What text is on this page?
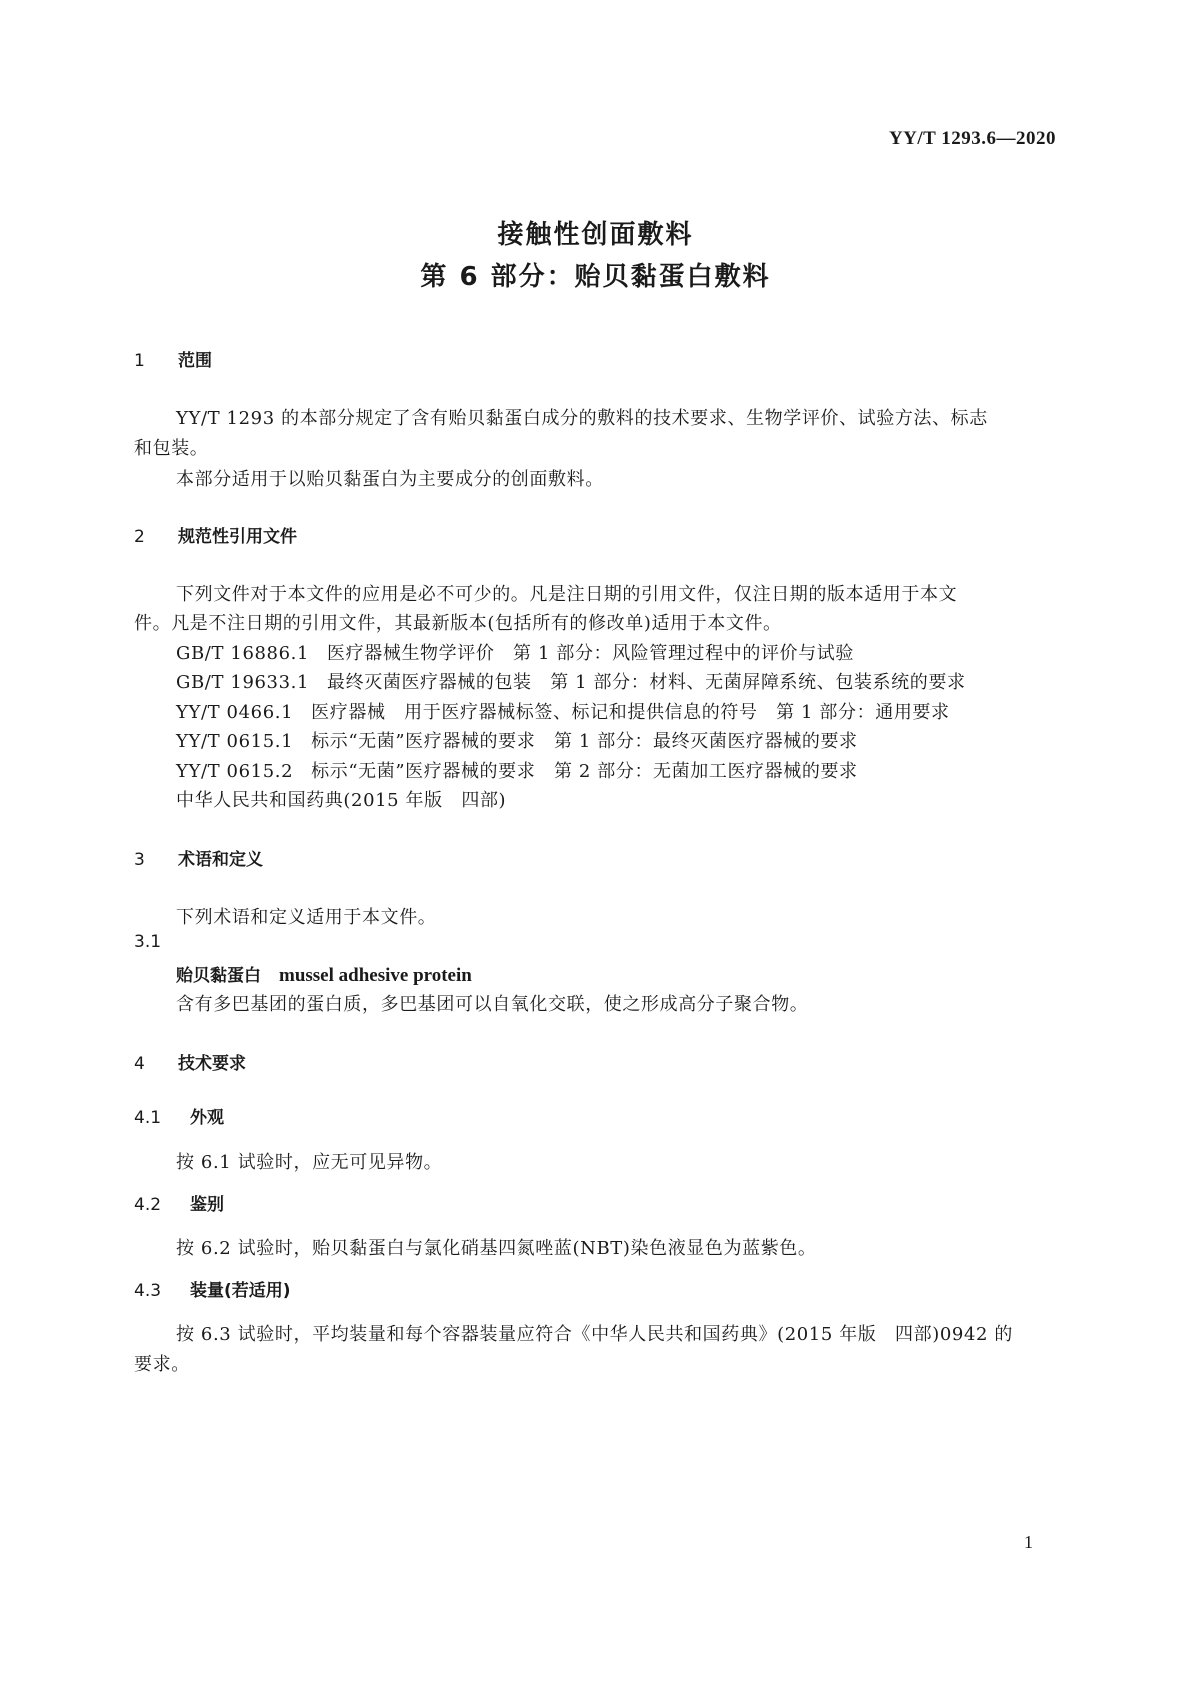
YY/T 1293.6—2020
接触性创面敷料
第 6 部分：贻贝黏蛋白敷料
1 范围
YY/T 1293 的本部分规定了含有贻贝黏蛋白成分的敷料的技术要求、生物学评价、试验方法、标志
和包装。
本部分适用于以贻贝黏蛋白为主要成分的创面敷料。
2 规范性引用文件
下列文件对于本文件的应用是必不可少的。凡是注日期的引用文件，仅注日期的版本适用于本文
件。凡是不注日期的引用文件，其最新版本(包括所有的修改单)适用于本文件。
GB/T 16886.1 医疗器械生物学评价　第 1 部分：风险管理过程中的评价与试验
GB/T 19633.1 最终灭菌医疗器械的包装　第 1 部分：材料、无菌屏障系统、包装系统的要求
YY/T 0466.1 医疗器械　用于医疗器械标签、标记和提供信息的符号　第 1 部分：通用要求
YY/T 0615.1 标示“无菌”医疗器械的要求　第 1 部分：最终灭菌医疗器械的要求
YY/T 0615.2 标示“无菌”医疗器械的要求　第 2 部分：无菌加工医疗器械的要求
中华人民共和国药典(2015 年版　四部)
3 术语和定义
下列术语和定义适用于本文件。
3.1
贻贝黏蛋白 mussel adhesive protein
含有多巴基团的蛋白质，多巴基团可以自氧化交联，使之形成高分子聚合物。
4 技术要求
4.1 外观
按 6.1 试验时，应无可见异物。
4.2 鉴别
按 6.2 试验时，贻贝黏蛋白与氯化硝基四氮唑蓝(NBT)染色液显色为蓝紫色。
4.3 装量(若适用)
按 6.3 试验时，平均装量和每个容器装量应符合《中华人民共和国药典》(2015 年版　四部)0942 的
要求。
1
